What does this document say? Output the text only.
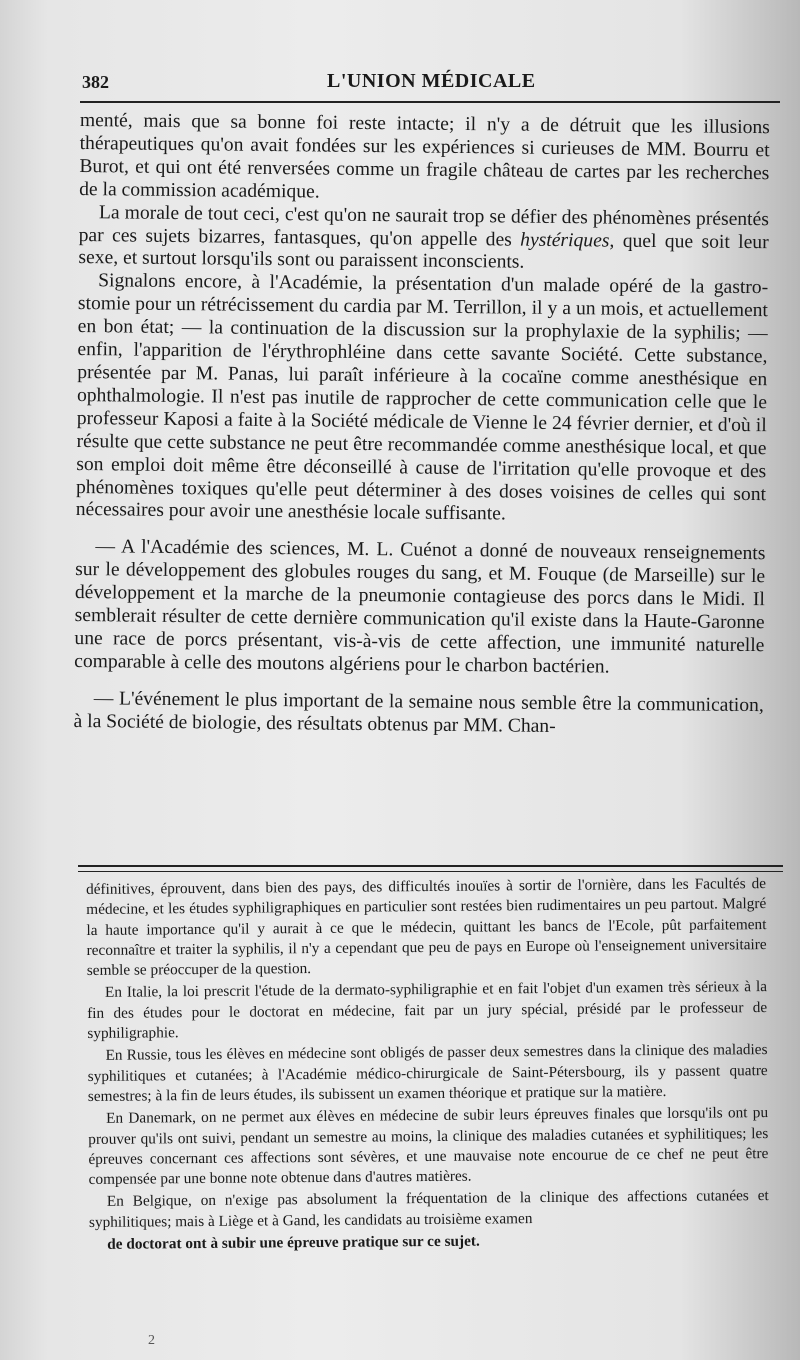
382	L'UNION MÉDICALE

menté, mais que sa bonne foi reste intacte; il n'y a de détruit que les illusions thérapeutiques qu'on avait fondées sur les expériences si curieuses de MM. Bourru et Burot, et qui ont été renversées comme un fragile château de cartes par les recherches de la commission académique.

La morale de tout ceci, c'est qu'on ne saurait trop se défier des phénomènes présentés par ces sujets bizarres, fantasques, qu'on appelle des hystériques, quel que soit leur sexe, et surtout lorsqu'ils sont ou paraissent inconscients.

Signalons encore, à l'Académie, la présentation d'un malade opéré de la gastro-stomie pour un rétrécissement du cardia par M. Terrillon, il y a un mois, et actuellement en bon état; — la continuation de la discussion sur la prophylaxie de la syphilis; — enfin, l'apparition de l'érythrophléine dans cette savante Société. Cette substance, présentée par M. Panas, lui paraît inférieure à la cocaïne comme anesthésique en ophthalmologie. Il n'est pas inutile de rapprocher de cette communication celle que le professeur Kaposi a faite à la Société médicale de Vienne le 24 février dernier, et d'où il résulte que cette substance ne peut être recommandée comme anesthésique local, et que son emploi doit même être déconseillé à cause de l'irritation qu'elle provoque et des phénomènes toxiques qu'elle peut déterminer à des doses voisines de celles qui sont nécessaires pour avoir une anesthésie locale suffisante.

— A l'Académie des sciences, M. L. Cuénot a donné de nouveaux renseignements sur le développement des globules rouges du sang, et M. Fouque (de Marseille) sur le développement et la marche de la pneumonie contagieuse des porcs dans le Midi. Il semblerait résulter de cette dernière communication qu'il existe dans la Haute-Garonne une race de porcs présentant, vis-à-vis de cette affection, une immunité naturelle comparable à celle des moutons algériens pour le charbon bactérien.

— L'événement le plus important de la semaine nous semble être la communication, à la Société de biologie, des résultats obtenus par MM. Chan-

définitives, éprouvent, dans bien des pays, des difficultés inouïes à sortir de l'ornière, dans les Facultés de médecine, et les études syphiligraphiques en particulier sont restées bien rudimentaires un peu partout. Malgré la haute importance qu'il y aurait à ce que le médecin, quittant les bancs de l'Ecole, pût parfaitement reconnaître et traiter la syphilis, il n'y a cependant que peu de pays en Europe où l'enseignement universitaire semble se préoccuper de la question.

En Italie, la loi prescrit l'étude de la dermato-syphiligraphie et en fait l'objet d'un examen très sérieux à la fin des études pour le doctorat en médecine, fait par un jury spécial, présidé par le professeur de syphiligraphie.

En Russie, tous les élèves en médecine sont obligés de passer deux semestres dans la clinique des maladies syphilitiques et cutanées; à l'Académie médico-chirurgicale de Saint-Pétersbourg, ils y passent quatre semestres; à la fin de leurs études, ils subissent un examen théorique et pratique sur la matière.

En Danemark, on ne permet aux élèves en médecine de subir leurs épreuves finales que lorsqu'ils ont pu prouver qu'ils ont suivi, pendant un semestre au moins, la clinique des maladies cutanées et syphilitiques; les épreuves concernant ces affections sont sévères, et une mauvaise note encourue de ce chef ne peut être compensée par une bonne note obtenue dans d'autres matières.

En Belgique, on n'exige pas absolument la fréquentation de la clinique des affections cutanées et syphilitiques; mais à Liège et à Gand, les candidats au troisième examen

de doctorat ont à subir une épreuve pratique sur ce sujet.

2
